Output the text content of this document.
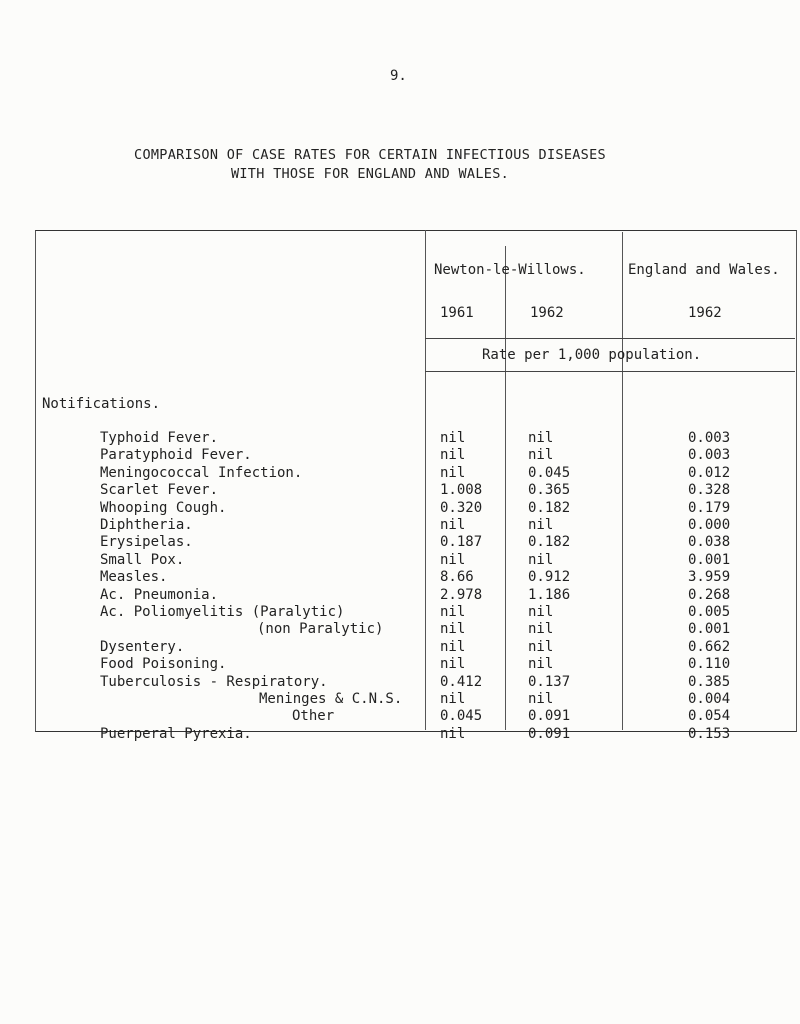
9.
COMPARISON OF CASE RATES FOR CERTAIN INFECTIOUS DISEASES
WITH THOSE FOR ENGLAND AND WALES.
Newton-le-Willows.	England and Wales.
1961	1962	1962
Rate per 1,000 population.
Notifications.
Typhoid Fever.	nil	nil	0.003
Paratyphoid Fever.	nil	nil	0.003
Meningococcal Infection.	nil	0.045	0.012
Scarlet Fever.	1.008	0.365	0.328
Whooping Cough.	0.320	0.182	0.179
Diphtheria.	nil	nil	0.000
Erysipelas.	0.187	0.182	0.038
Small Pox.	nil	nil	0.001
Measles.	8.66	0.912	3.959
Ac. Pneumonia.	2.978	1.186	0.268
Ac. Poliomyelitis (Paralytic)	nil	nil	0.005
(non Paralytic)	nil	nil	0.001
Dysentery.	nil	nil	0.662
Food Poisoning.	nil	nil	0.110
Tuberculosis - Respiratory.	0.412	0.137	0.385
Meninges & C.N.S.	nil	nil	0.004
Other	0.045	0.091	0.054
Puerperal Pyrexia.	nil	0.091	0.153
